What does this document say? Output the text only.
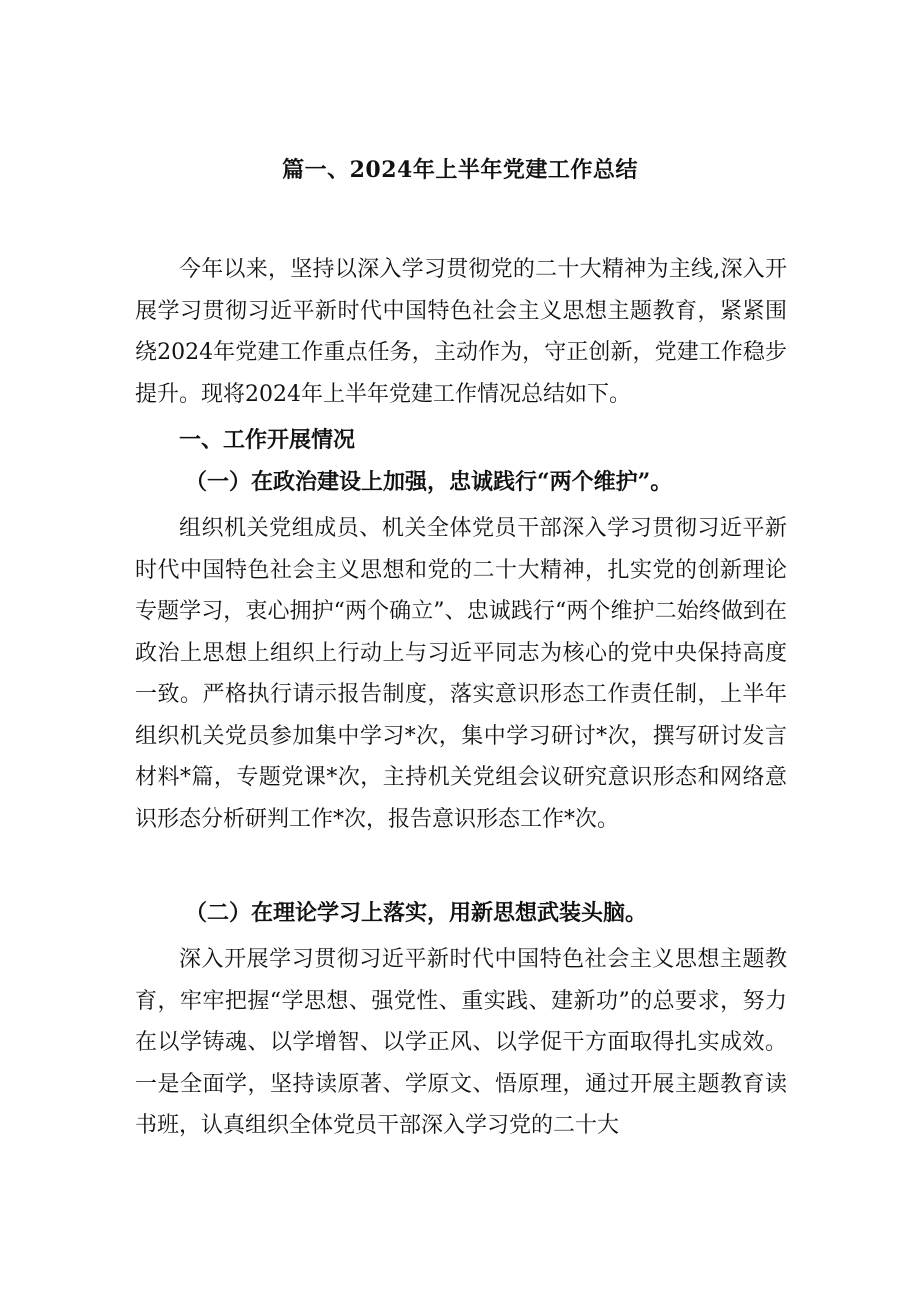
篇一、2024年上半年党建工作总结

今年以来，坚持以深入学习贯彻党的二十大精神为主线,深入开展学习贯彻习近平新时代中国特色社会主义思想主题教育，紧紧围绕2024年党建工作重点任务，主动作为，守正创新，党建工作稳步提升。现将2024年上半年党建工作情况总结如下。

一、工作开展情况
（一）在政治建设上加强，忠诚践行“两个维护”。

组织机关党组成员、机关全体党员干部深入学习贯彻习近平新时代中国特色社会主义思想和党的二十大精神，扎实党的创新理论专题学习，衷心拥护“两个确立”、忠诚践行“两个维护二始终做到在政治上思想上组织上行动上与习近平同志为核心的党中央保持高度一致。严格执行请示报告制度，落实意识形态工作责任制，上半年组织机关党员参加集中学习*次，集中学习研讨*次，撰写研讨发言材料*篇，专题党课*次，主持机关党组会议研究意识形态和网络意识形态分析研判工作*次，报告意识形态工作*次。

（二）在理论学习上落实，用新思想武装头脑。

深入开展学习贯彻习近平新时代中国特色社会主义思想主题教育，牢牢把握“学思想、强党性、重实践、建新功”的总要求，努力在以学铸魂、以学增智、以学正风、以学促干方面取得扎实成效。一是全面学，坚持读原著、学原文、悟原理，通过开展主题教育读书班，认真组织全体党员干部深入学习党的二十大
